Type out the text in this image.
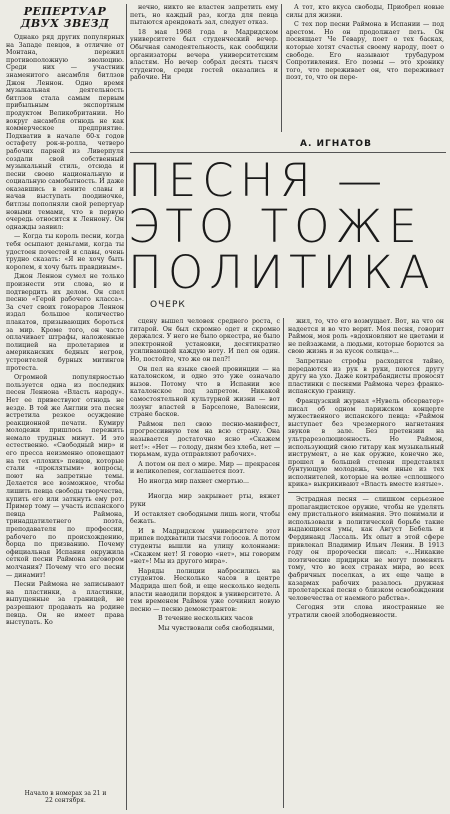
РЕПЕРТУАР
ДВУХ ЗВЕЗД

Однако ряд других популярных на Западе певцов, в отличие от Монтана, пережил противоположную эволюцию. Среди них — участник знаменитого ансамбля битлзов Джон Леннон. Одно время музыкальная деятельность битлзов стала самым первым прибыльным экспортным продуктом Великобритании. Но вокруг ансамбля отнюдь не как коммерческое предприятие. Подхватив в начале 60-х годов остафету рок-н-ролла, четверо рабочих парней из Ливерпуля создали свой собственный музыкальный стиль, отсюда и песни своею национальную и социальную самобытность. И даже оказавшись в зените славы и начав выступать поодиночке, битлзы пополняли свой репертуар новыми темами, что в первую очередь относится к Леннону. Он однажды заявил:

— Когда ты король песни, когда тебя осыпают деньгами, когда ты удостоен почестей и славы, очень трудно сказать: «Я не хочу быть королем, я хочу быть правдивым».

Джон Леннон сумел не только произнести эти слова, но и подтвердить их делом. Он спел песню «Герой рабочего класса». За счет своих гонораров Леннон издал большое количество плакатов, призывающих бороться за мир. Кроме того, он часто оплачивает штрафы, наложенные полицией на пролетариев и американских бедных негров, устроителей бурных митингов протеста.

Огромной популярностью пользуется одна из последних песен Леннона «Власть народу». Нет ее привествуют отнюдь не везде. В той же Англии эта песня встретила резкое осуждение реакционной печати. Кумиру молодежи пришлось пережить немало трудных минут. И это естественно. «Свободный мир» и его пресса неизменно оповещают на тех «плохих» певцов, которые стали «проклятыми» вопросы, поют на запретные темы. Делается все возможное, чтобы лишить певца свободы творчества, купить его или заткнуть ему рот. Пример тому — участь испанского певца Раймона, тринадцатилетнего поэта, преподавателя по профессии, рабочего по происхождению, борца по призванию. Почему официальная Испания окружила сеткой песни Раймона заговором молчания? Почему что его песни — динамит!

Песни Раймона не записывают на пластинки, а пластинки, выпущенные за границей, не разрешают продавать на родине певца. Он не имеет права выступать. Ко

Начало в номерах за 21 и
22 сентября.

нечно, никто не властен запретить ему петь, но каждый раз, когда для певца пытаются арендовать зал, следует отказ.

18 мая 1968 года в Мадридском университете был студенческий вечер. Обычная самодеятельность, как сообщили организаторы вечера университетским властям. Но вечер собрал десять тысяч студентов, среди гостей оказались и рабочие. Ни

А тот, кто вкуса свободы, Приобрел новые силы для жизни.

С тех пор песни Раймона в Испании — под арестом. Но он продолжает петь. Он посвящает Че Гевару, поет о тех басках, которые хотят счастья своему народу, поет о свободе. Его называют трубадуром Сопротивления. Его поэмы — это хронику того, что переживает он, что переживает поэт, то, что он пере-

А. ИГНАТОВ
ПЕСНЯ —
ЭТО ТОЖЕ
ПОЛИТИКА
ОЧЕРК

сцену вышел человек среднего роста, с гитарой. Он был скромно одет и скромно держался. У него не было оркестра, не было электронной установки, десятикратно усиливающей каждую ноту. И пел он один. Но, постойте, что же он пел?!

Он пел на языке своей провинции — на каталонском, и одно это уже означало вызов. Потому что в Испании все каталонское под запретом. Никакой самостоятельной культурной жизни — вот лозунг властей в Барселоне, Валенсии, стране басков.

Раймон пел свою песню-манифест, прогрессивную тем на всю страну. Она называется достаточно ясно «Скажем нет!»: «Нет — голоду, дням без хлеба, нет — тюрьмам, куда отправляют рабочих».

А потом он пел о мире. Мир — прекрасен и великолепен, соглашается поэт.

Но иногда мир пахнет смертью...

Иногда мир закрывает рты, вяжет руки

И оставляет свободными лишь ноги, чтобы бежать.

И в Мадридском университете этот припев подхватили тысячи голосов. А потом студенты вышли на улицу колоннами: «Скажем нет! Я говорю «нет», мы говорим «нет»! Мы из другого мира».

Наряды полиции набросились на студентов. Несколько часов в центре Мадрида шел бой, и еще несколько недель власти наводили порядок в университете. А тем временем Раймон уже сочинил новую песню — песню демонстрантов:

В течение нескольких часов

Мы чувствовали себя свободными,

жил, то, что его возмущает. Вот, на что он надеется и во что верит. Моя песня, говорит Раймон, моя роль «вдохновляют не цветами и не пейзажами, а людьми, которые борются за свою жизнь и за кусок солнца»...

Запретные строфы расходятся тайно, передаются из рук в руки, поются другу другу на ухо. Даже контрабандисты проносят пластинки с песнями Раймона через франко-испанскую границу.

Французский журнал «Нувель обсерватер» писал об одном парижском концерте мужественного испанского певца: «Раймон выступает без чрезмерного нагнетания звуков в зале. Без претензии на ультрарезолюционность. Но Раймон, использующий свою гитару как музыкальный инструмент, а не как оружие, конечно же, прошел в большей степени представлял бунтующую молодежь, чем иные из тех исполнителей, которые на волне «сплошного крика» выкрикивают «Власть вместе взятые».

Эстрадная песня — слишком серьезное пропагандистское оружие, чтобы не уделять ему пристального внимания. Это понимали и использовали в политической борьбе такие выдающиеся умы, как Август Бебель и Фердинанд Лассаль. Их опыт в этой сфере привлекал Владимир Ильич Ленин. В 1913 году он пророчески писал: «...Никакие поэтические придирки не могут поменять тому, что во всех странах мира, во всех фабричных поселках, а их еще чаще в казармах рабочих разалось дружная пролетарская песня о близком освобождении человечества от наемного рабства».

Сегодня эти слова иностранные не утратили своей злободневности.
